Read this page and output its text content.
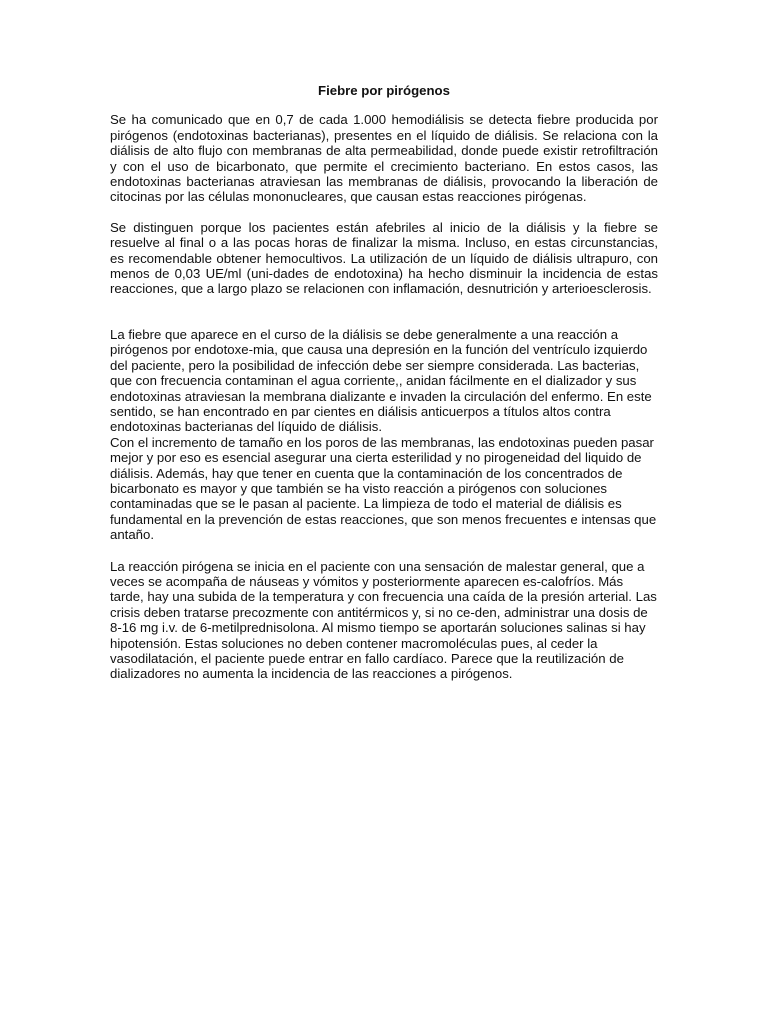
Fiebre por pirógenos

Se ha comunicado que en 0,7 de cada 1.000 hemodiálisis se detecta fiebre producida por pirógenos (endotoxinas bacterianas), presentes en el líquido de diálisis. Se relaciona con la diálisis de alto flujo con membranas de alta permeabilidad, donde puede existir retrofiltración y con el uso de bicarbonato, que permite el crecimiento bacteriano. En estos casos, las endotoxinas bacterianas atraviesan las membranas de diálisis, provocando la liberación de citocinas por las células mononucleares, que causan estas reacciones pirógenas.

Se distinguen porque los pacientes están afebriles al inicio de la diálisis y la fiebre se resuelve al final o a las pocas horas de finalizar la misma. Incluso, en estas circunstancias, es recomendable obtener hemocultivos. La utilización de un líquido de diálisis ultrapuro, con menos de 0,03 UE/ml (uni-dades de endotoxina) ha hecho disminuir la incidencia de estas reacciones, que a largo plazo se relacionen con inflamación, desnutrición y arterioesclerosis.

La fiebre que aparece en el curso de la diálisis se debe generalmente a una reacción a pirógenos por endotoxe-mia, que causa una depresión en la función del ventrículo izquierdo del paciente, pero la posibilidad de infección debe ser siempre considerada. Las bacterias, que con frecuencia contaminan el agua corriente,, anidan fácilmente en el dializador y sus endotoxinas atraviesan la membrana dializante e invaden la circulación del enfermo. En este sentido, se han encontrado en par cientes en diálisis anticuerpos a títulos altos contra endotoxinas bacterianas del líquido de diálisis.
Con el incremento de tamaño en los poros de las membranas, las endotoxinas pueden pasar mejor y por eso es esencial asegurar una cierta esterilidad y no pirogeneidad del liquido de diálisis. Además, hay que tener en cuenta que la contaminación de los concentrados de bicarbonato es mayor y que también se ha visto reacción a pirógenos con soluciones contaminadas que se le pasan al paciente. La limpieza de todo el material de diálisis es fundamental en la prevención de estas reacciones, que son menos frecuentes e intensas que antaño.

La reacción pirógena se inicia en el paciente con una sensación de malestar general, que a veces se acompaña de náuseas y vómitos y posteriormente aparecen es-calofríos. Más tarde, hay una subida de la temperatura y con frecuencia una caída de la presión arterial. Las crisis deben tratarse precozmente con antitérmicos y, si no ce-den, administrar una dosis de 8-16 mg i.v. de 6-metilprednisolona. Al mismo tiempo se aportarán soluciones salinas si hay hipotensión. Estas soluciones no deben contener macromoléculas pues, al ceder la vasodilatación, el paciente puede entrar en fallo cardíaco. Parece que la reutilización de dializadores no aumenta la incidencia de las reacciones a pirógenos.
